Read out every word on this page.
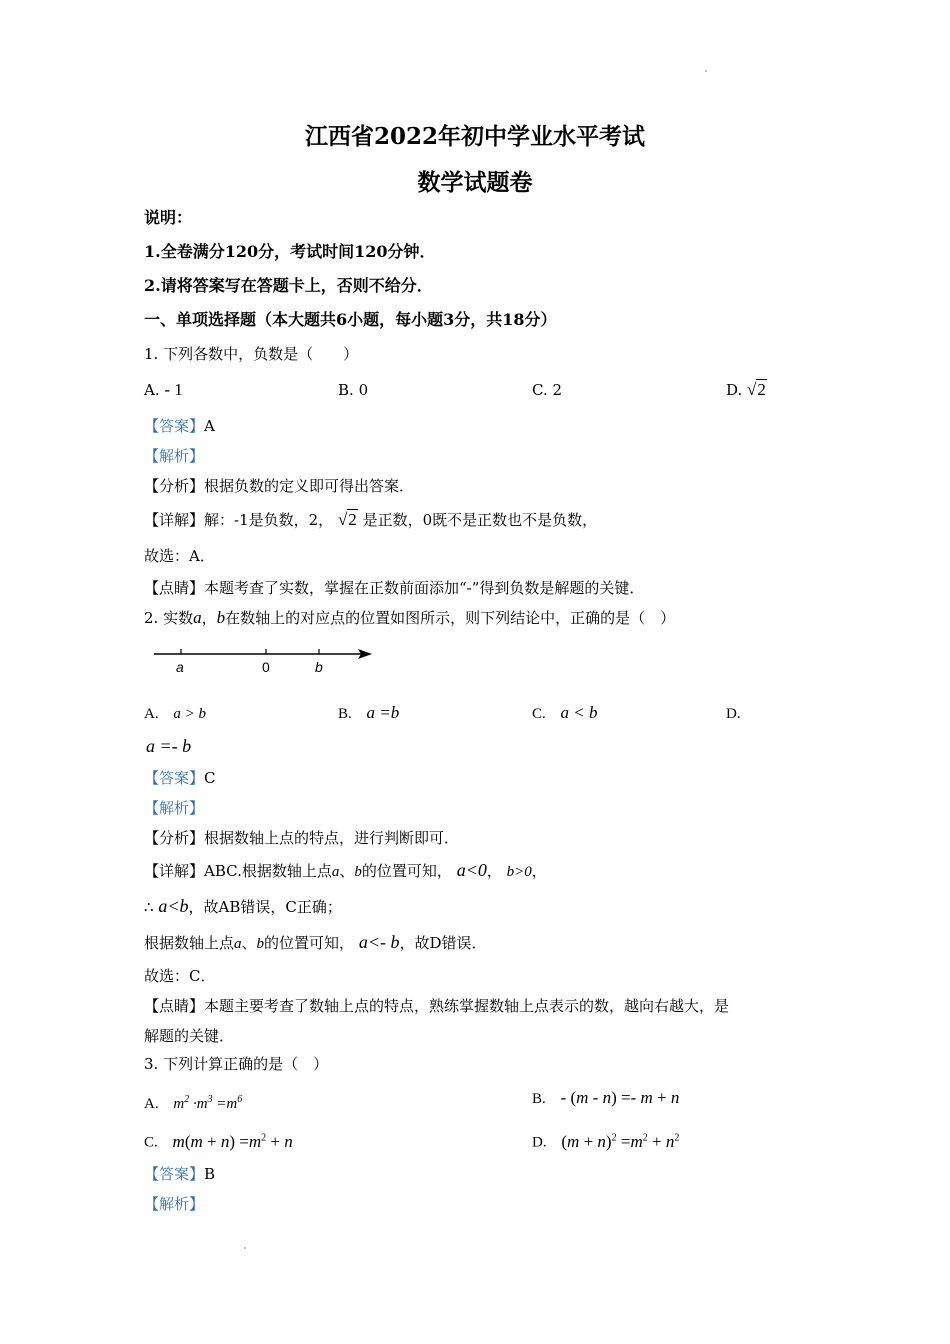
江西省2022年初中学业水平考试
数学试题卷
说明：
1.全卷满分120分，考试时间120分钟．
2.请将答案写在答题卡上，否则不给分．
一、单项选择题（本大题共6小题，每小题3分，共18分）
1. 下列各数中，负数是（　　）
A. - 1	B. 0	C. 2	D. √2
【答案】A
【解析】
【分析】根据负数的定义即可得出答案．
【详解】解：-1是负数，2， √2 是正数，0既不是正数也不是负数，
故选：A．
【点睛】本题考查了实数，掌握在正数前面添加“-”得到负数是解题的关键．
2. 实数a，b在数轴上的对应点的位置如图所示，则下列结论中，正确的是（　）
a	0	b
A. a > b	B. a =b	C. a < b	D.
a =- b
【答案】C
【解析】
【分析】根据数轴上点的特点，进行判断即可．
【详解】ABC.根据数轴上点a、b的位置可知， a<0， b>0，
∴ a<b，故AB错误，C正确；
根据数轴上点a、b的位置可知， a<- b，故D错误．
故选：C．
【点睛】本题主要考查了数轴上点的特点，熟练掌握数轴上点表示的数，越向右越大，是
解题的关键．
3. 下列计算正确的是（　）
A. $m^2 \cdot m^3 =m^6$	B. - (m - n) =- m + n
C. $m(m + n) =m^2 + n$	D. $(m + n)^2 =m^2 + n^2$
【答案】B
【解析】
